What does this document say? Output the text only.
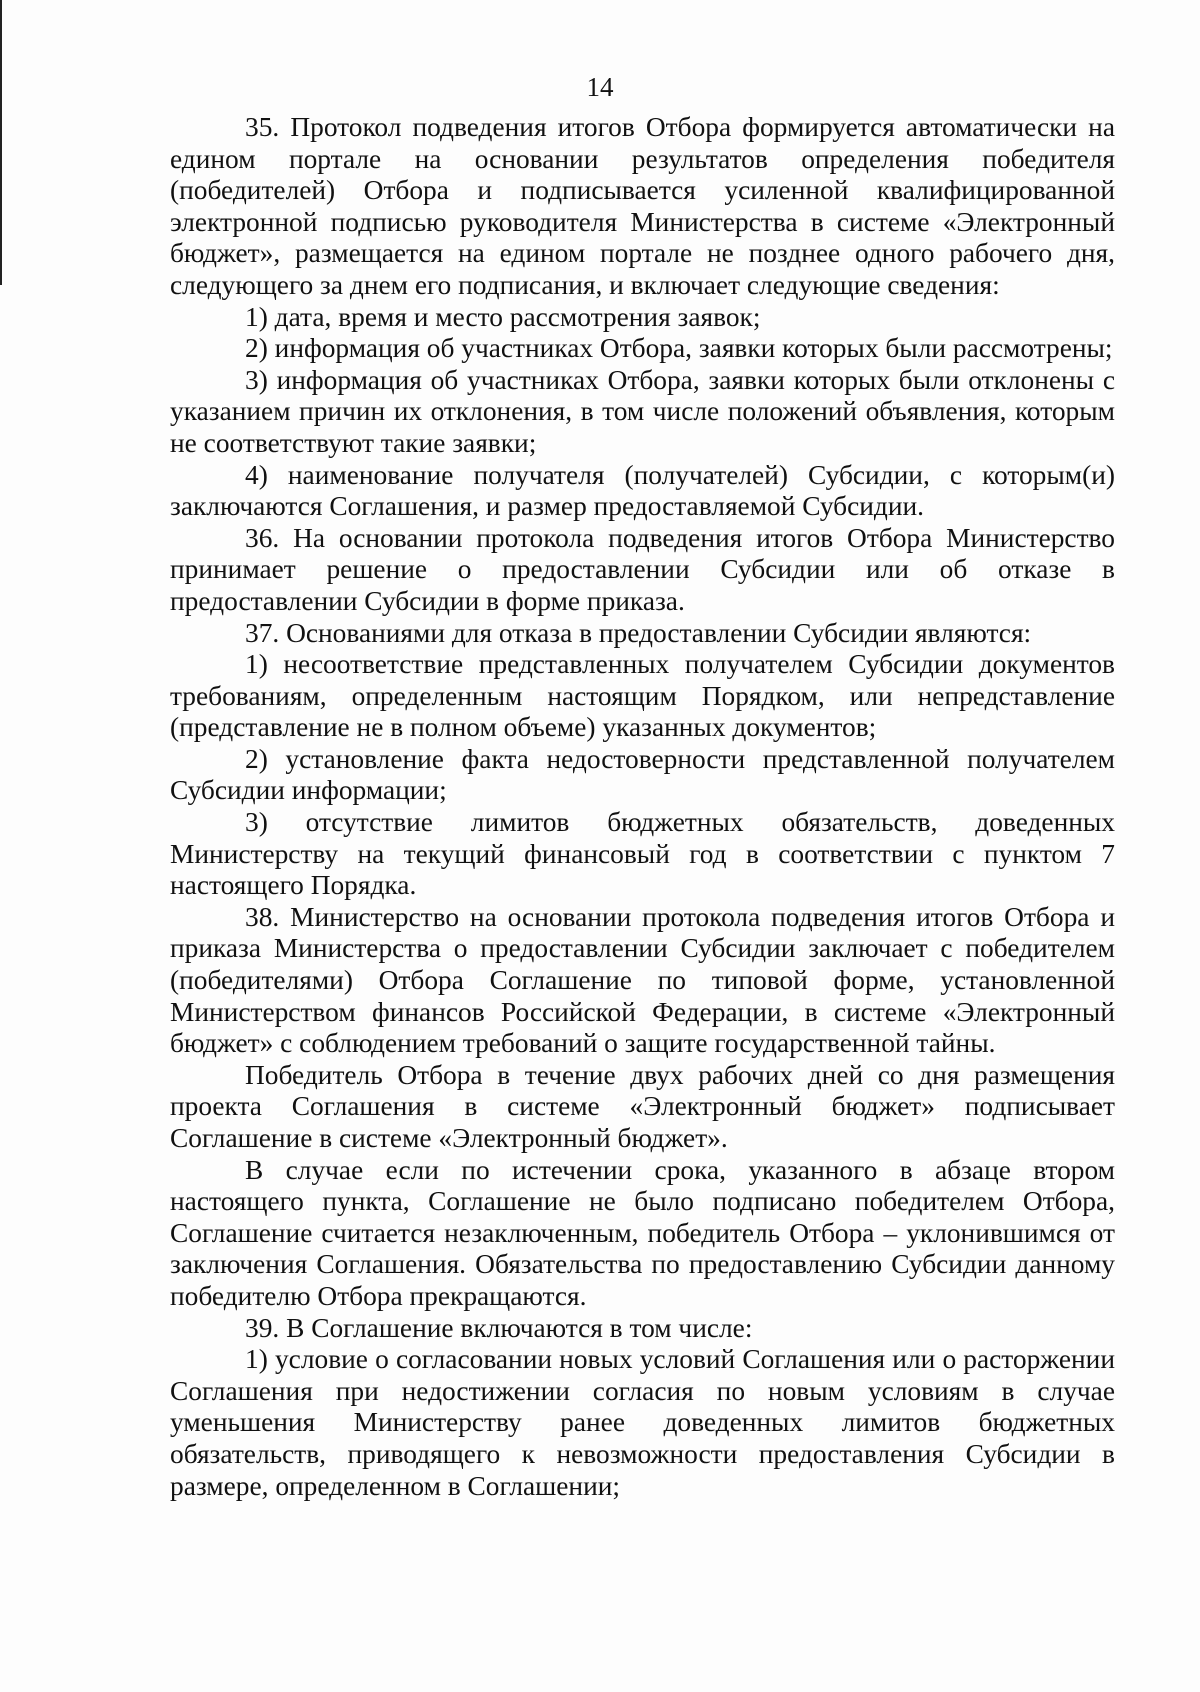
14

35. Протокол подведения итогов Отбора формируется автоматически на едином портале на основании результатов определения победителя (победителей) Отбора и подписывается усиленной квалифицированной электронной подписью руководителя Министерства в системе «Электронный бюджет», размещается на едином портале не позднее одного рабочего дня, следующего за днем его подписания, и включает следующие сведения:

1) дата, время и место рассмотрения заявок;

2) информация об участниках Отбора, заявки которых были рассмотрены;

3) информация об участниках Отбора, заявки которых были отклонены с указанием причин их отклонения, в том числе положений объявления, которым не соответствуют такие заявки;

4) наименование получателя (получателей) Субсидии, с которым(и) заключаются Соглашения, и размер предоставляемой Субсидии.

36. На основании протокола подведения итогов Отбора Министерство принимает решение о предоставлении Субсидии или об отказе в предоставлении Субсидии в форме приказа.

37. Основаниями для отказа в предоставлении Субсидии являются:

1) несоответствие представленных получателем Субсидии документов требованиям, определенным настоящим Порядком, или непредставление (представление не в полном объеме) указанных документов;

2) установление факта недостоверности представленной получателем Субсидии информации;

3) отсутствие лимитов бюджетных обязательств, доведенных Министерству на текущий финансовый год в соответствии с пунктом 7 настоящего Порядка.

38. Министерство на основании протокола подведения итогов Отбора и приказа Министерства о предоставлении Субсидии заключает с победителем (победителями) Отбора Соглашение по типовой форме, установленной Министерством финансов Российской Федерации, в системе «Электронный бюджет» с соблюдением требований о защите государственной тайны.

Победитель Отбора в течение двух рабочих дней со дня размещения проекта Соглашения в системе «Электронный бюджет» подписывает Соглашение в системе «Электронный бюджет».

В случае если по истечении срока, указанного в абзаце втором настоящего пункта, Соглашение не было подписано победителем Отбора, Соглашение считается незаключенным, победитель Отбора – уклонившимся от заключения Соглашения. Обязательства по предоставлению Субсидии данному победителю Отбора прекращаются.

39. В Соглашение включаются в том числе:

1) условие о согласовании новых условий Соглашения или о расторжении Соглашения при недостижении согласия по новым условиям в случае уменьшения Министерству ранее доведенных лимитов бюджетных обязательств, приводящего к невозможности предоставления Субсидии в размере, определенном в Соглашении;
